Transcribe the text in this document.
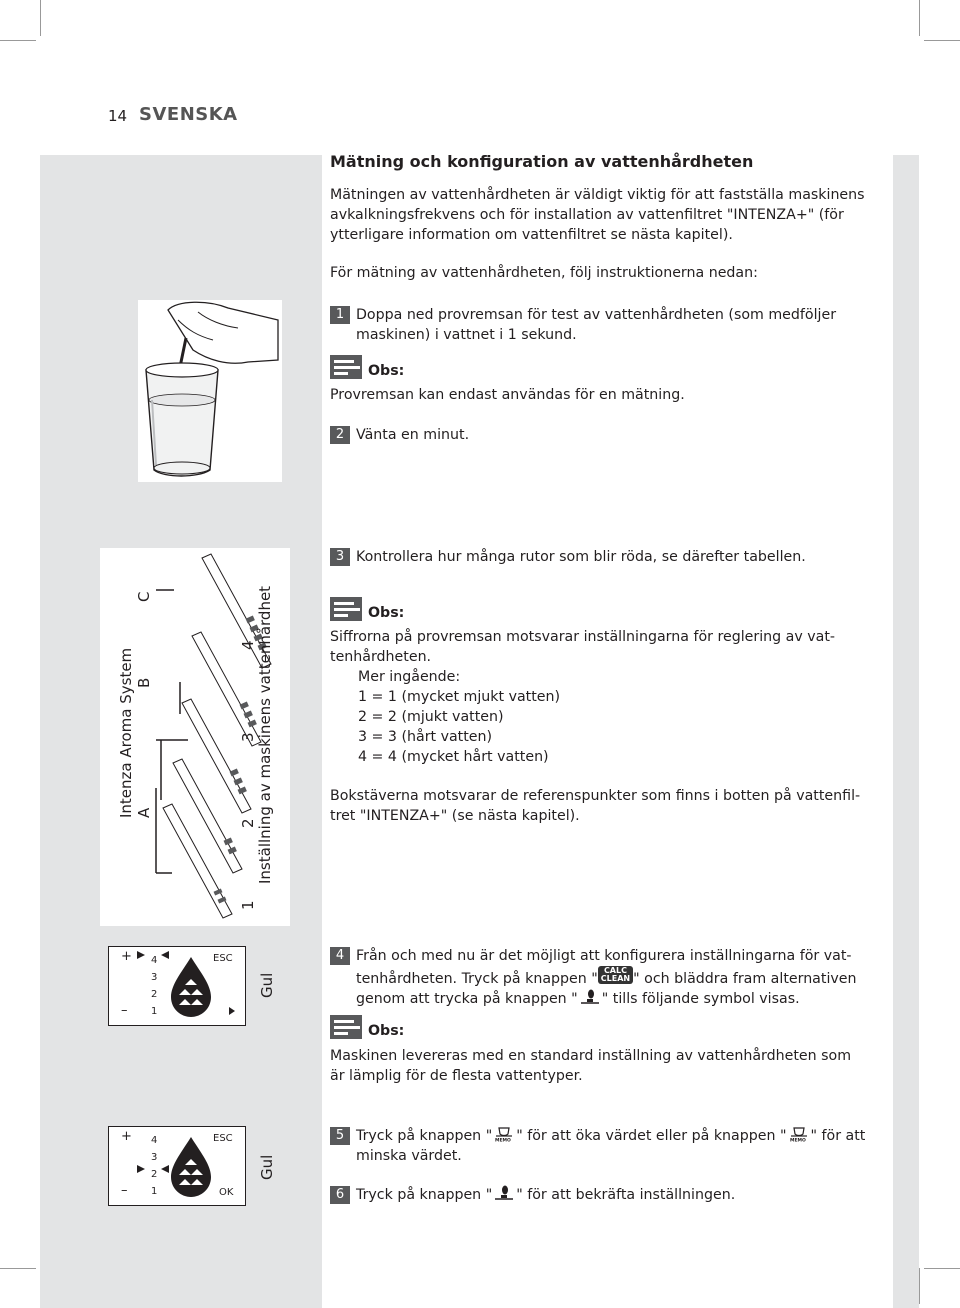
14 SVENSKA
Mätning och konfiguration av vattenhårdheten
Mätningen av vattenhårdheten är väldigt viktig för att fastställa maskinens
avkalkningsfrekvens och för installation av vattenfiltret "INTENZA+" (för
ytterligare information om vattenfiltret se nästa kapitel).
För mätning av vattenhårdheten, följ instruktionerna nedan:
1 Doppa ned provremsan för test av vattenhårdheten (som medföljer
maskinen) i vattnet i 1 sekund.
Obs:
Provremsan kan endast användas för en mätning.
2 Vänta en minut.
3 Kontrollera hur många rutor som blir röda, se därefter tabellen.
Intenza Aroma System A
B
C
1
2
3
4 Inställning av maskinens vattenhårdhet	Obs:
Siffrorna på provremsan motsvarar inställningarna för reglering av vat-
tenhårdheten.
Mer ingående:
1 = 1 (mycket mjukt vatten)
2 = 2 (mjukt vatten)
3 = 3 (hårt vatten)
4 = 4 (mycket hårt vatten)
Bokstäverna motsvarar de referenspunkter som finns i botten på vattenfil-
tret "INTENZA+" (se nästa kapitel).
+
–
4
3
2
1
ESC
Gul
4 Från och med nu är det möjligt att konfigurera inställningarna för vat-
tenhårdheten. Tryck på knappen "CALC
CLEAN " och bläddra fram alternativen
genom att trycka på knappen " " tills följande symbol visas.
Obs:
Maskinen levereras med en standard inställning av vattenhårdheten som
är lämplig för de flesta vattentyper.
+
–
4
3
2
1
ESC
OK
Gul
5 Tryck på knappen " MEMO " för att öka värdet eller på knappen " MEMO " för att
minska värdet.
6 Tryck på knappen " " för att bekräfta inställningen.
